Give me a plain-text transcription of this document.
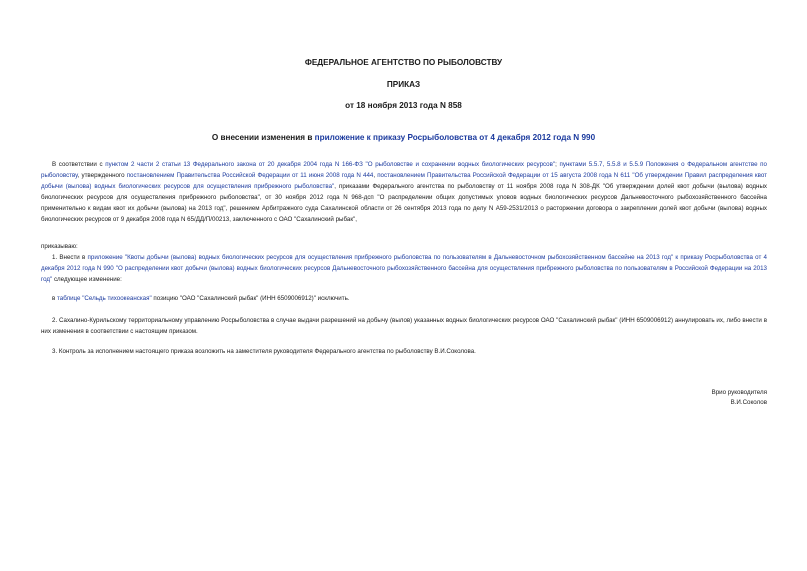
ФЕДЕРАЛЬНОЕ АГЕНТСТВО ПО РЫБОЛОВСТВУ
ПРИКАЗ
от 18 ноября 2013 года N 858
О внесении изменения в приложение к приказу Росрыболовства от 4 декабря 2012 года N 990

В соответствии с пунктом 2 части 2 статьи 13 Федерального закона от 20 декабря 2004 года N 166-ФЗ "О рыболовстве и сохранении водных биологических ресурсов"; пунктами 5.5.7, 5.5.8 и 5.5.9 Положения о Федеральном агентстве по рыболовству, утвержденного постановлением Правительства Российской Федерации от 11 июня 2008 года N 444, постановлением Правительства Российской Федерации от 15 августа 2008 года N 611 "Об утверждении Правил распределения квот добычи (вылова) водных биологических ресурсов для осуществления прибрежного рыболовства", приказами Федерального агентства по рыболовству от 11 ноября 2008 года N 308-ДК "Об утверждении долей квот добычи (вылова) водных биологических ресурсов для осуществления прибрежного рыболовства", от 30 ноября 2012 года N 968-дсп "О распределении общих допустимых уловов водных биологических ресурсов Дальневосточного рыбохозяйственного бассейна применительно к видам квот их добычи (вылова) на 2013 год", решением Арбитражного суда Сахалинской области от 26 сентября 2013 года по делу N А59-2531/2013 о расторжении договора о закреплении долей квот добычи (вылова) водных биологических ресурсов от 9 декабря 2008 года N 65/ДД/П/00213, заключенного с ОАО "Сахалинский рыбак",

приказываю:

1. Внести в приложение "Квоты добычи (вылова) водных биологических ресурсов для осуществления прибрежного рыболовства по пользователям в Дальневосточном рыбохозяйственном бассейне на 2013 год" к приказу Росрыболовства от 4 декабря 2012 года N 990 "О распределении квот добычи (вылова) водных биологических ресурсов Дальневосточного рыбохозяйственного бассейна для осуществления прибрежного рыболовства по пользователям в Российской Федерации на 2013 год" следующее изменение:

в таблице "Сельдь тихоокеанская" позицию "ОАО "Сахалинский рыбак" (ИНН 6509006912)" исключить.

2. Сахалино-Курильскому территориальному управлению Росрыболовства в случае выдачи разрешений на добычу (вылов) указанных водных биологических ресурсов ОАО "Сахалинский рыбак" (ИНН 6509006912) аннулировать их, либо внести в них изменения в соответствии с настоящим приказом.

3. Контроль за исполнением настоящего приказа возложить на заместителя руководителя Федерального агентства по рыболовству В.И.Соколова.

Врио руководителя
В.И.Соколов
